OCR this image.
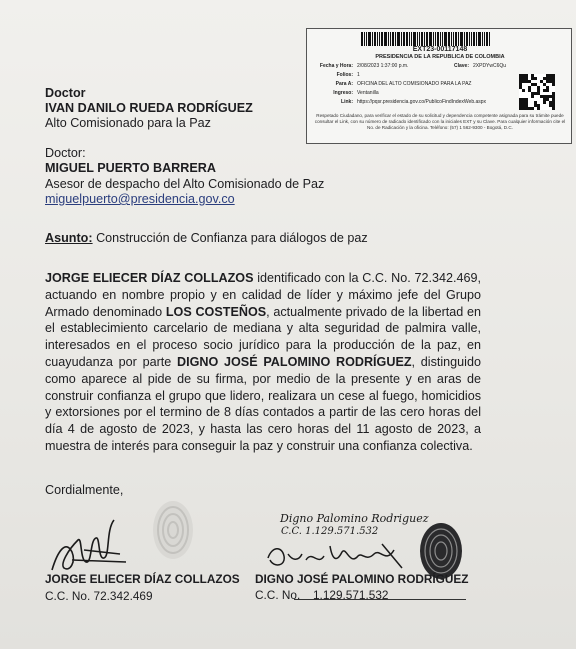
EXT23-00117148
PRESIDENCIA DE LA REPUBLICA DE COLOMBIA
Fecha y Hora: 2/08/2023 1:37:00 p.m.	Clave: 2XPDYwC6Qu
Folios: 1
Para A: OFICINA DEL ALTO COMISIONADO PARA LA PAZ
Ingreso: Ventanilla
Link: https://pqsr.presidencia.gov.co/PublicoFindIndexWeb.aspx
Respetado Ciudadano, para verificar el estado de su solicitud y dependencia competente asignada para su trámite puede consultar el Link, con su número de radicado identificado con la iniciales EXT y su Clave. Para cualquier información cite el No. de Radicación y la oficina. Teléfono: (57) 1 562-9300 - Bogotá, D.C.
Doctor
IVAN DANILO RUEDA RODRÍGUEZ
Alto Comisionado para la Paz
Doctor:
MIGUEL PUERTO BARRERA
Asesor de despacho del Alto Comisionado de Paz
miguelpuerto@presidencia.gov.co
Asunto: Construcción de Confianza para diálogos de paz
JORGE ELIECER DÍAZ COLLAZOS identificado con la C.C. No. 72.342.469, actuando en nombre propio y en calidad de líder y máximo jefe del Grupo Armado denominado LOS COSTEÑOS, actualmente privado de la libertad en el establecimiento carcelario de mediana y alta seguridad de palmira valle, interesados en el proceso socio jurídico para la producción de la paz, en cuayudanza por parte DIGNO JOSÉ PALOMINO RODRÍGUEZ, distinguido como aparece al pide de su firma, por medio de la presente y en aras de construir confianza el grupo que lidero, realizara un cese al fuego, homicidios y extorsiones por el termino de 8 días contados a partir de las cero horas del día 4 de agosto de 2023, y hasta las cero horas del 11 agosto de 2023, a muestra de interés para conseguir la paz y construir una confianza colectiva.
Cordialmente,
Digno Palomino Rodriguez
C.C. 1.129.571.532
JORGE ELIECER DÍAZ COLLAZOS
C.C. No. 72.342.469
DIGNO JOSÉ PALOMINO RODRÍGUEZ
C.C. No. 1.129.571.532
